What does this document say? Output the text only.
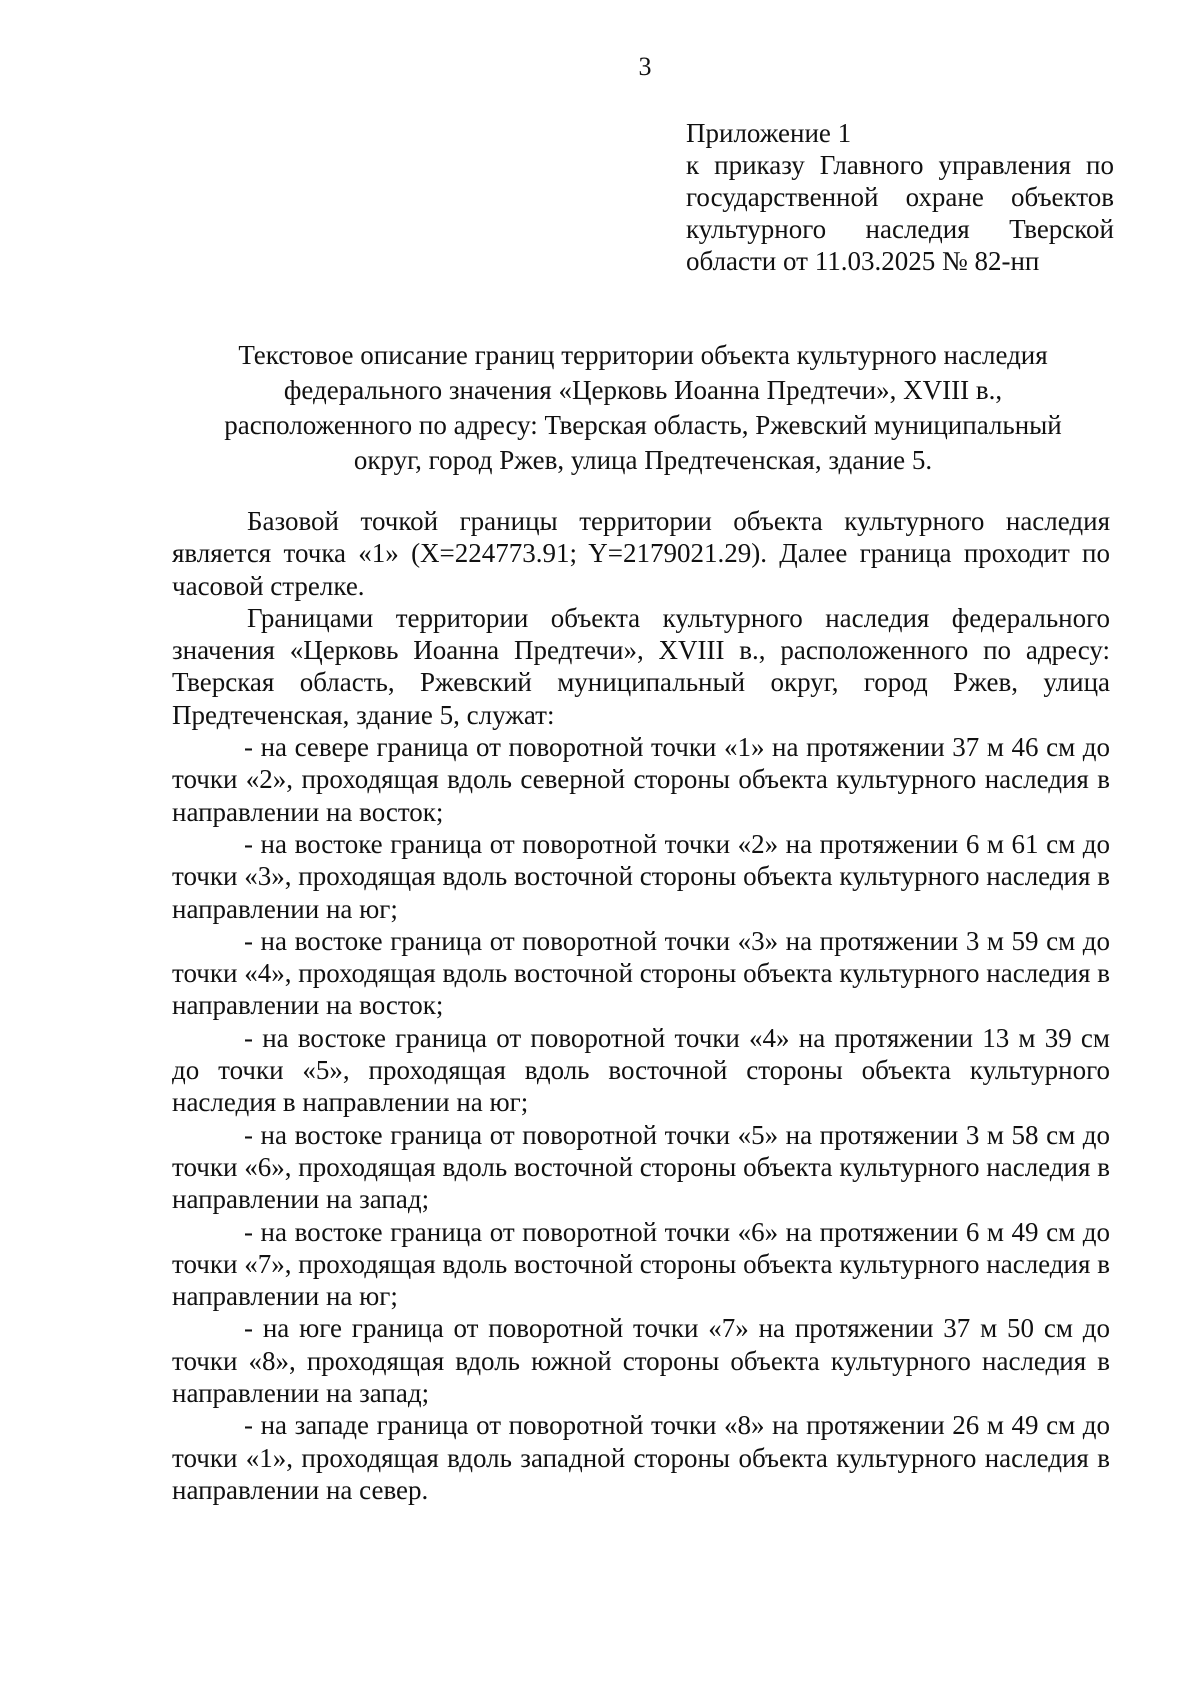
3
Приложение 1
к приказу Главного управления по
государственной охране объектов
культурного наследия Тверской
области от 11.03.2025 № 82-нп
Текстовое описание границ территории объекта культурного наследия
федерального значения «Церковь Иоанна Предтечи», XVIII в.,
расположенного по адресу: Тверская область, Ржевский муниципальный
округ, город Ржев, улица Предтеченская, здание 5.

Базовой точкой границы территории объекта культурного наследия является точка «1» (X=224773.91; Y=2179021.29). Далее граница проходит по часовой стрелке.

Границами территории объекта культурного наследия федерального значения «Церковь Иоанна Предтечи», XVIII в., расположенного по адресу: Тверская область, Ржевский муниципальный округ, город Ржев, улица Предтеченская, здание 5, служат:

- на севере граница от поворотной точки «1» на протяжении 37 м 46 см до точки «2», проходящая вдоль северной стороны объекта культурного наследия в направлении на восток;

- на востоке граница от поворотной точки «2» на протяжении 6 м 61 см до точки «3», проходящая вдоль восточной стороны объекта культурного наследия в направлении на юг;

- на востоке граница от поворотной точки «3» на протяжении 3 м 59 см до точки «4», проходящая вдоль восточной стороны объекта культурного наследия в направлении на восток;

- на востоке граница от поворотной точки «4» на протяжении 13 м 39 см до точки «5», проходящая вдоль восточной стороны объекта культурного наследия в направлении на юг;

- на востоке граница от поворотной точки «5» на протяжении 3 м 58 см до точки «6», проходящая вдоль восточной стороны объекта культурного наследия в направлении на запад;

- на востоке граница от поворотной точки «6» на протяжении 6 м 49 см до точки «7», проходящая вдоль восточной стороны объекта культурного наследия в направлении на юг;

- на юге граница от поворотной точки «7» на протяжении 37 м 50 см до точки «8», проходящая вдоль южной стороны объекта культурного наследия в направлении на запад;

- на западе граница от поворотной точки «8» на протяжении 26 м 49 см до точки «1», проходящая вдоль западной стороны объекта культурного наследия в направлении на север.
